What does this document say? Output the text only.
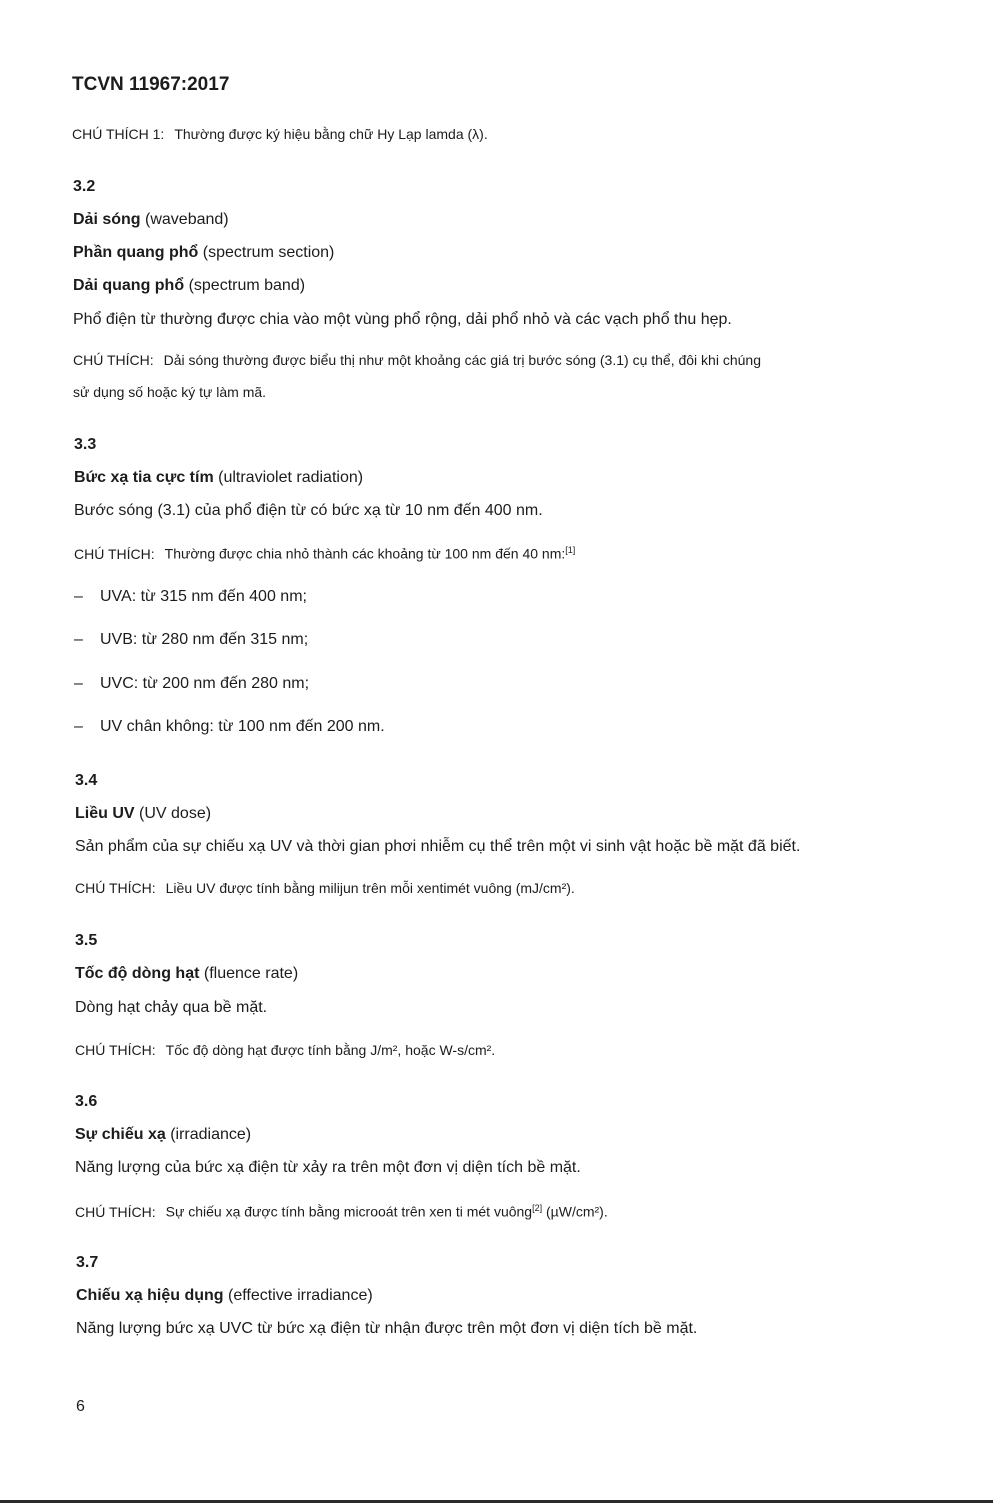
TCVN 11967:2017
CHÚ THÍCH 1: Thường được ký hiệu bằng chữ Hy Lạp lamda (λ).
3.2
Dải sóng (waveband)
Phần quang phổ (spectrum section)
Dải quang phổ (spectrum band)
Phổ điện từ thường được chia vào một vùng phổ rộng, dải phổ nhỏ và các vạch phổ thu hẹp.
CHÚ THÍCH: Dải sóng thường được biểu thị như một khoảng các giá trị bước sóng (3.1) cụ thể, đôi khi chúng
sử dụng số hoặc ký tự làm mã.
3.3
Bức xạ tia cực tím (ultraviolet radiation)
Bước sóng (3.1) của phổ điện từ có bức xạ từ 10 nm đến 400 nm.
CHÚ THÍCH: Thường được chia nhỏ thành các khoảng từ 100 nm đến 40 nm:[1]
– UVA: từ 315 nm đến 400 nm;
– UVB: từ 280 nm đến 315 nm;
– UVC: từ 200 nm đến 280 nm;
– UV chân không: từ 100 nm đến 200 nm.
3.4
Liều UV (UV dose)
Sản phẩm của sự chiếu xạ UV và thời gian phơi nhiễm cụ thể trên một vi sinh vật hoặc bề mặt đã biết.
CHÚ THÍCH: Liều UV được tính bằng milijun trên mỗi xentimét vuông (mJ/cm²).
3.5
Tốc độ dòng hạt (fluence rate)
Dòng hạt chảy qua bề mặt.
CHÚ THÍCH: Tốc độ dòng hạt được tính bằng J/m², hoặc W-s/cm².
3.6
Sự chiếu xạ (irradiance)
Năng lượng của bức xạ điện từ xảy ra trên một đơn vị diện tích bề mặt.
CHÚ THÍCH: Sự chiếu xạ được tính bằng microoát trên xen ti mét vuông[2] (µW/cm²).
3.7
Chiếu xạ hiệu dụng (effective irradiance)
Năng lượng bức xạ UVC từ bức xạ điện từ nhận được trên một đơn vị diện tích bề mặt.
6
